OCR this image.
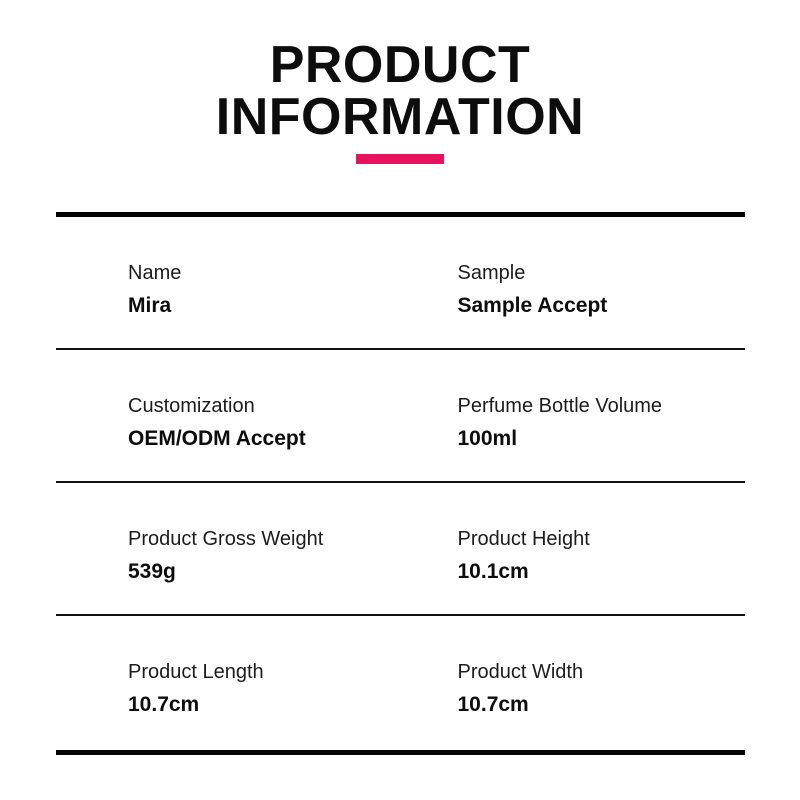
PRODUCT
INFORMATION
Name
Mira
Sample
Sample Accept
Customization
OEM/ODM Accept
Perfume Bottle Volume
100ml
Product Gross Weight
539g
Product Height
10.1cm
Product Length
10.7cm
Product Width
10.7cm
